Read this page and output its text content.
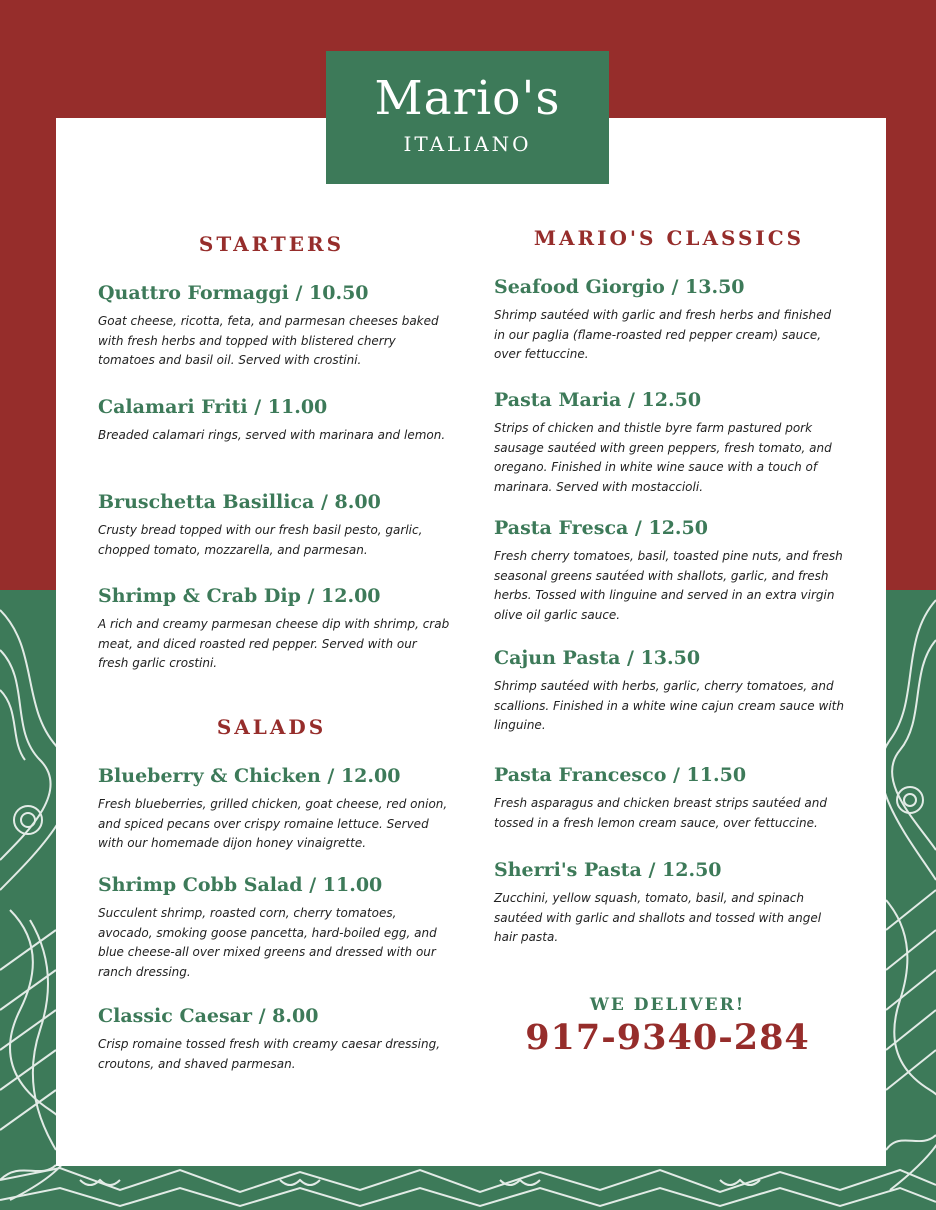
Mario's
ITALIANO
STARTERS
Quattro Formaggi / 10.50
Goat cheese, ricotta, feta, and parmesan cheeses baked with fresh herbs and topped with blistered cherry tomatoes and basil oil. Served with crostini.
Calamari Friti / 11.00
Breaded calamari rings, served with marinara and lemon.
Bruschetta Basillica / 8.00
Crusty bread topped with our fresh basil pesto, garlic, chopped tomato, mozzarella, and parmesan.
Shrimp & Crab Dip / 12.00
A rich and creamy parmesan cheese dip with shrimp, crab meat, and diced roasted red pepper. Served with our fresh garlic crostini.
SALADS
Blueberry & Chicken / 12.00
Fresh blueberries, grilled chicken, goat cheese, red onion, and spiced pecans over crispy romaine lettuce. Served with our homemade dijon honey vinaigrette.
Shrimp Cobb Salad / 11.00
Succulent shrimp, roasted corn, cherry tomatoes, avocado, smoking goose pancetta, hard-boiled egg, and blue cheese-all over mixed greens and dressed with our ranch dressing.
Classic Caesar / 8.00
Crisp romaine tossed fresh with creamy caesar dressing, croutons, and shaved parmesan.
MARIO'S CLASSICS
Seafood Giorgio / 13.50
Shrimp sautéed with garlic and fresh herbs and finished in our paglia (flame-roasted red pepper cream) sauce, over fettuccine.
Pasta Maria / 12.50
Strips of chicken and thistle byre farm pastured pork sausage sautéed with green peppers, fresh tomato, and oregano. Finished in white wine sauce with a touch of marinara. Served with mostaccioli.
Pasta Fresca / 12.50
Fresh cherry tomatoes, basil, toasted pine nuts, and fresh seasonal greens sautéed with shallots, garlic, and fresh herbs. Tossed with linguine and served in an extra virgin olive oil garlic sauce.
Cajun Pasta / 13.50
Shrimp sautéed with herbs, garlic, cherry tomatoes, and scallions. Finished in a white wine cajun cream sauce with linguine.
Pasta Francesco / 11.50
Fresh asparagus and chicken breast strips sautéed and tossed in a fresh lemon cream sauce, over fettuccine.
Sherri's Pasta / 12.50
Zucchini, yellow squash, tomato, basil, and spinach sautéed with garlic and shallots and tossed with angel hair pasta.
WE DELIVER!
917-9340-284
